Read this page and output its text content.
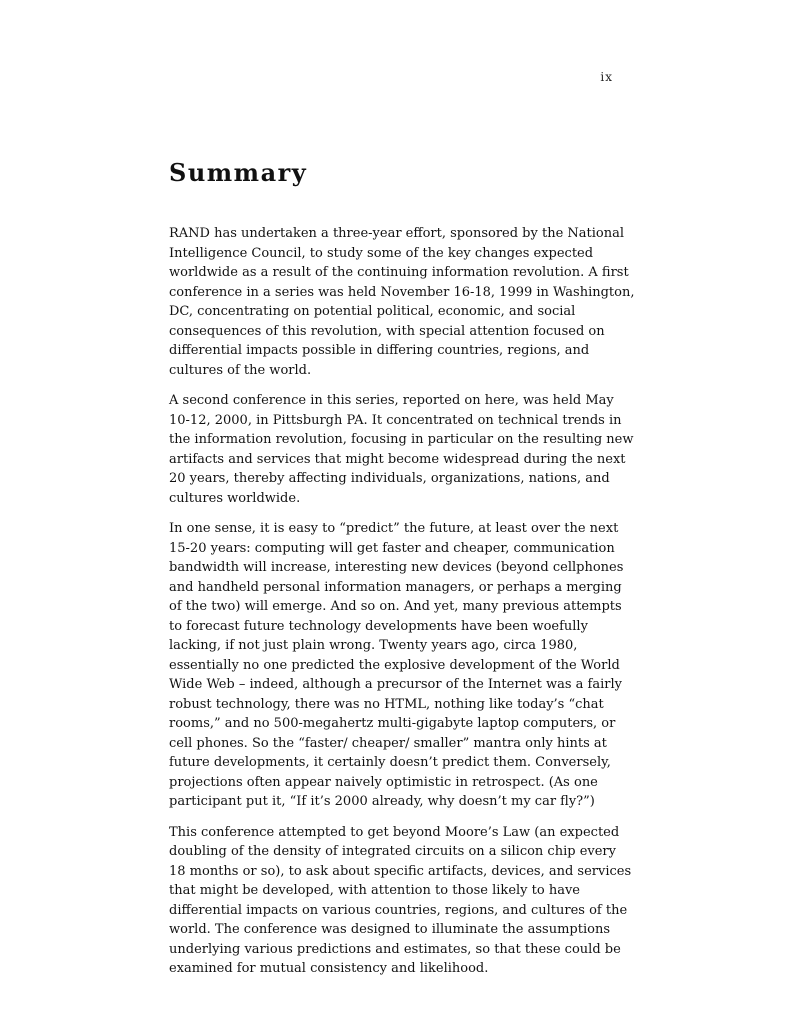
ix
Summary

RAND has undertaken a three-year effort, sponsored by the National Intelligence Council, to study some of the key changes expected worldwide as a result of the continuing information revolution. A first conference in a series was held November 16-18, 1999 in Washington, DC, concentrating on potential political, economic, and social consequences of this revolution, with special attention focused on differential impacts possible in differing countries, regions, and cultures of the world.

A second conference in this series, reported on here, was held May 10-12, 2000, in Pittsburgh PA. It concentrated on technical trends in the information revolution, focusing in particular on the resulting new artifacts and services that might become widespread during the next 20 years, thereby affecting individuals, organizations, nations, and cultures worldwide.

In one sense, it is easy to “predict” the future, at least over the next 15-20 years: computing will get faster and cheaper, communication bandwidth will increase, interesting new devices (beyond cellphones and handheld personal information managers, or perhaps a merging of the two) will emerge. And so on. And yet, many previous attempts to forecast future technology developments have been woefully lacking, if not just plain wrong. Twenty years ago, circa 1980, essentially no one predicted the explosive development of the World Wide Web – indeed, although a precursor of the Internet was a fairly robust technology, there was no HTML, nothing like today’s “chat rooms,” and no 500-megahertz multi-gigabyte laptop computers, or cell phones. So the “faster/ cheaper/ smaller” mantra only hints at future developments, it certainly doesn’t predict them. Conversely, projections often appear naively optimistic in retrospect. (As one participant put it, “If it’s 2000 already, why doesn’t my car fly?”)

This conference attempted to get beyond Moore’s Law (an expected doubling of the density of integrated circuits on a silicon chip every 18 months or so), to ask about specific artifacts, devices, and services that might be developed, with attention to those likely to have differential impacts on various countries, regions, and cultures of the world. The conference was designed to illuminate the assumptions underlying various predictions and estimates, so that these could be examined for mutual consistency and likelihood.
